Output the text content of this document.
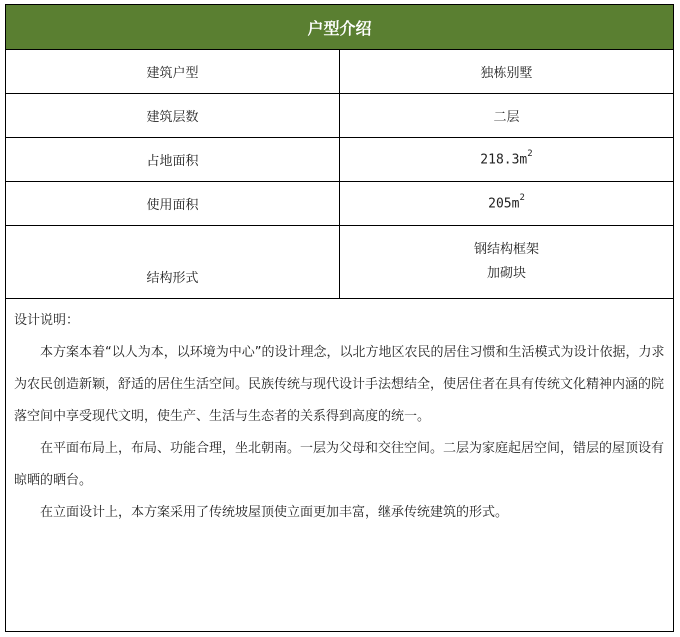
户型介绍
建筑户型	独栋别墅
建筑层数	二层
占地面积	$218.3m^2$
使用面积	$205m^2$
结构形式	钢结构框架
加砌块

设计说明：

本方案本着“以人为本，以环境为中心”的设计理念，以北方地区农民的居住习惯和生活模式为设计依据，力求为农民创造新颖，舒适的居住生活空间。民族传统与现代设计手法想结全，使居住者在具有传统文化精神内涵的院落空间中享受现代文明，使生产、生活与生态者的关系得到高度的统一。

在平面布局上，布局、功能合理，坐北朝南。一层为父母和交往空间。二层为家庭起居空间，错层的屋顶设有晾晒的晒台。

在立面设计上，本方案采用了传统坡屋顶使立面更加丰富，继承传统建筑的形式。
